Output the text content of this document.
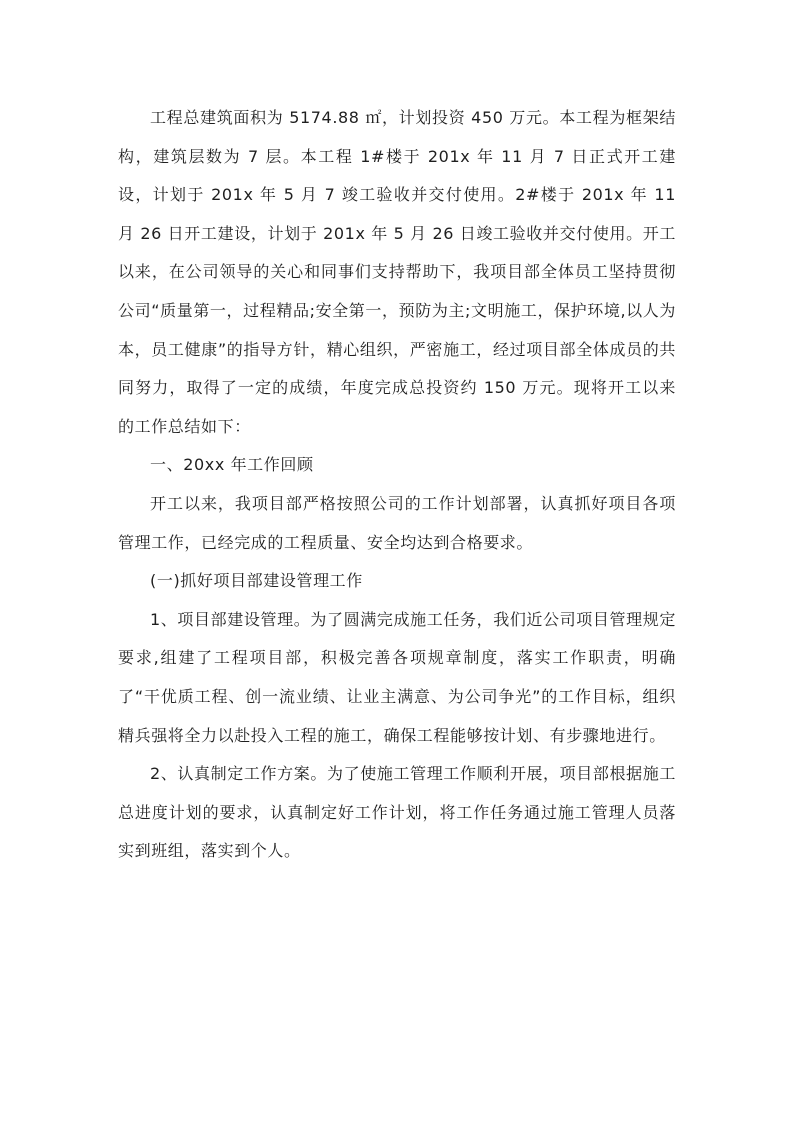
工程总建筑面积为 5174.88 ㎡，计划投资 450 万元。本工程为框架结构，建筑层数为 7 层。本工程 1#楼于 201x 年 11 月 7 日正式开工建设，计划于 201x 年 5 月 7 竣工验收并交付使用。2#楼于 201x 年 11 月 26 日开工建设，计划于 201x 年 5 月 26 日竣工验收并交付使用。开工以来，在公司领导的关心和同事们支持帮助下，我项目部全体员工坚持贯彻公司“质量第一，过程精品;安全第一，预防为主;文明施工，保护环境,以人为本，员工健康”的指导方针，精心组织，严密施工，经过项目部全体成员的共同努力，取得了一定的成绩，年度完成总投资约 150 万元。现将开工以来的工作总结如下：

一、20xx 年工作回顾

开工以来，我项目部严格按照公司的工作计划部署，认真抓好项目各项管理工作，已经完成的工程质量、安全均达到合格要求。

(一)抓好项目部建设管理工作

1、项目部建设管理。为了圆满完成施工任务，我们近公司项目管理规定要求,组建了工程项目部，积极完善各项规章制度，落实工作职责，明确了“干优质工程、创一流业绩、让业主满意、为公司争光”的工作目标，组织精兵强将全力以赴投入工程的施工，确保工程能够按计划、有步骤地进行。

2、认真制定工作方案。为了使施工管理工作顺利开展，项目部根据施工总进度计划的要求，认真制定好工作计划，将工作任务通过施工管理人员落实到班组，落实到个人。
